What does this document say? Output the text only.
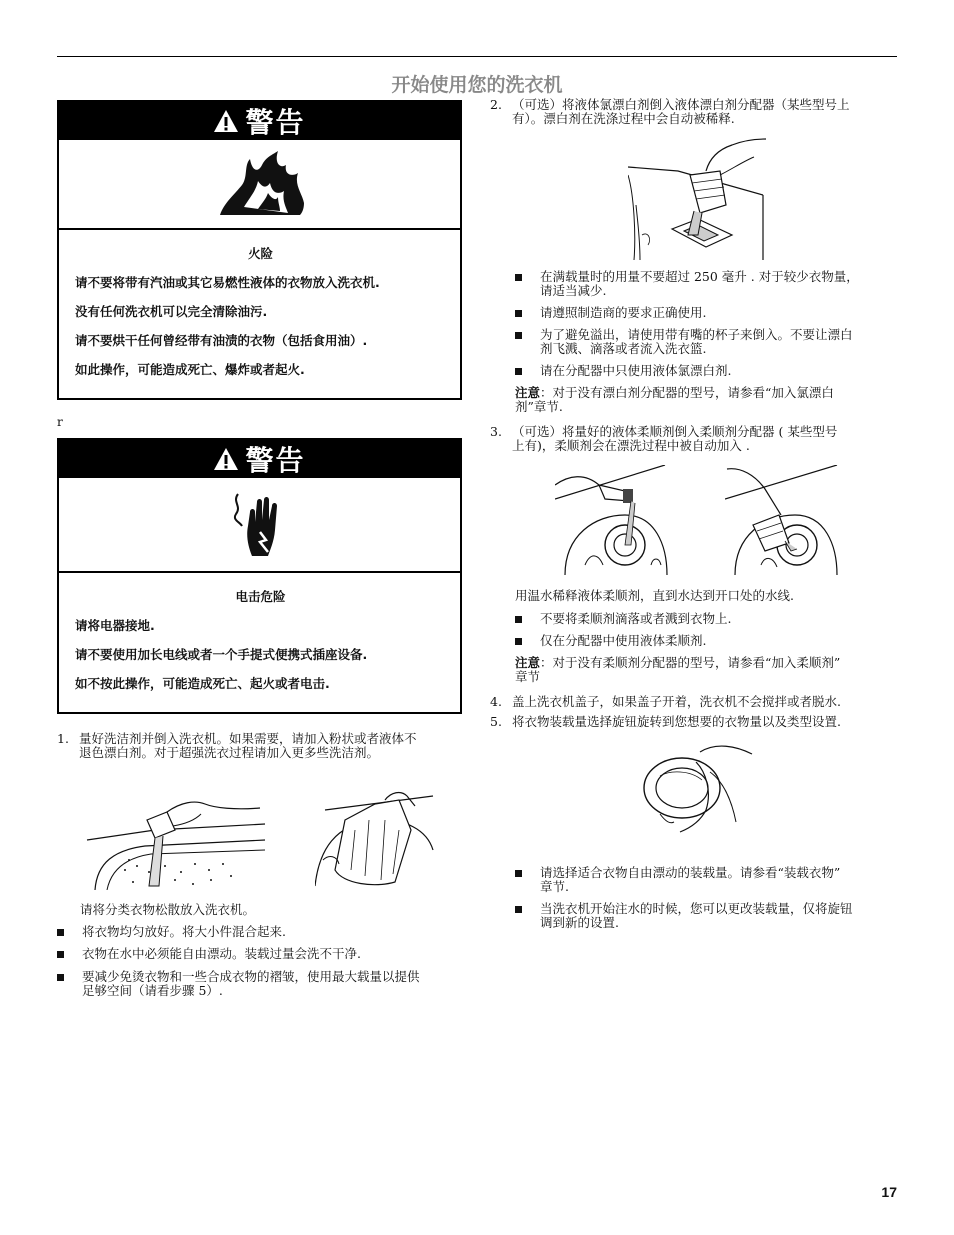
开始使用您的洗衣机
警告
火险

请不要将带有汽油或其它易燃性液体的衣物放入洗衣机.

没有任何洗衣机可以完全清除油污.

请不要烘干任何曾经带有油渍的衣物（包括食用油）.

如此操作，可能造成死亡、爆炸或者起火.

r
警告
电击危险

请将电器接地.

请不要使用加长电线或者一个手提式便携式插座设备.

如不按此操作，可能造成死亡、起火或者电击.

1. 量好洗洁剂并倒入洗衣机。如果需要，请加入粉状或者液体不
退色漂白剂。对于超强洗衣过程请加入更多些洗洁剂。
请将分类衣物松散放入洗衣机。
将衣物均匀放好。将大小件混合起来.
衣物在水中必须能自由漂动。装载过量会洗不干净.
要减少免烫衣物和一些合成衣物的褶皱，使用最大载量以提供
足够空间（请看步骤 5）.
2. （可选）将液体氯漂白剂倒入液体漂白剂分配器（某些型号上
有）。漂白剂在洗涤过程中会自动被稀释.
在满载量时的用量不要超过 250 毫升 . 对于较少衣物量，
请适当减少.
请遵照制造商的要求正确使用.
为了避免溢出，请使用带有嘴的杯子来倒入。不要让漂白
剂飞溅、滴落或者流入洗衣篮.
请在分配器中只使用液体氯漂白剂.
注意：对于没有漂白剂分配器的型号，请参看“加入氯漂白
剂”章节.
3. （可选）将量好的液体柔顺剂倒入柔顺剂分配器 ( 某些型号
上有)，柔顺剂会在漂洗过程中被自动加入 .
用温水稀释液体柔顺剂，直到水达到开口处的水线.
不要将柔顺剂滴落或者溅到衣物上.
仅在分配器中使用液体柔顺剂.
注意：对于没有柔顺剂分配器的型号，请参看“加入柔顺剂”
章节
4. 盖上洗衣机盖子，如果盖子开着，洗衣机不会搅拌或者脱水.
5. 将衣物装载量选择旋钮旋转到您想要的衣物量以及类型设置.
请选择适合衣物自由漂动的装载量。请参看“装载衣物”
章节.
当洗衣机开始注水的时候，您可以更改装载量，仅将旋钮
调到新的设置.
17
